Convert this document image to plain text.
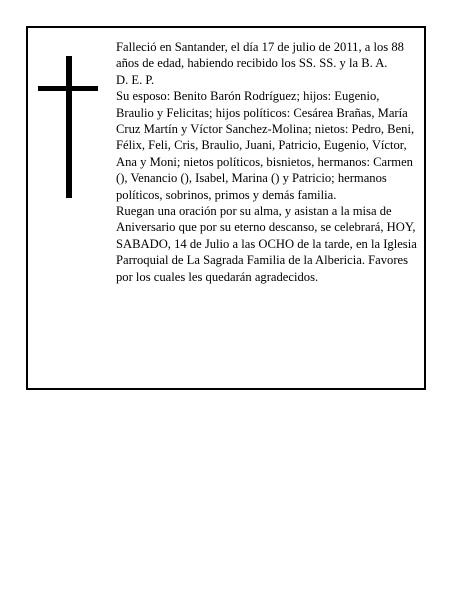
Falleció en Santander, el día 17 de julio de 2011, a los 88 años de edad, habiendo recibido los SS. SS. y la B. A.

D. E. P.

Su esposo: Benito Barón Rodríguez; hijos: Eugenio, Braulio y Felicitas; hijos políticos: Cesárea Brañas, María Cruz Martín y Víctor Sanchez-Molina; nietos: Pedro, Beni, Félix, Feli, Cris, Braulio, Juani, Patricio, Eugenio, Víctor, Ana y Moni; nietos políticos, bisnietos, hermanos: Carmen (), Venancio (), Isabel, Marina () y Patricio; hermanos políticos, sobrinos, primos y demás familia.

Ruegan una oración por su alma, y asistan a la misa de Aniversario que por su eterno descanso, se celebrará, HOY, SABADO, 14 de Julio a las OCHO de la tarde, en la Iglesia Parroquial de La Sagrada Familia de la Albericia. Favores por los cuales les quedarán agradecidos.
